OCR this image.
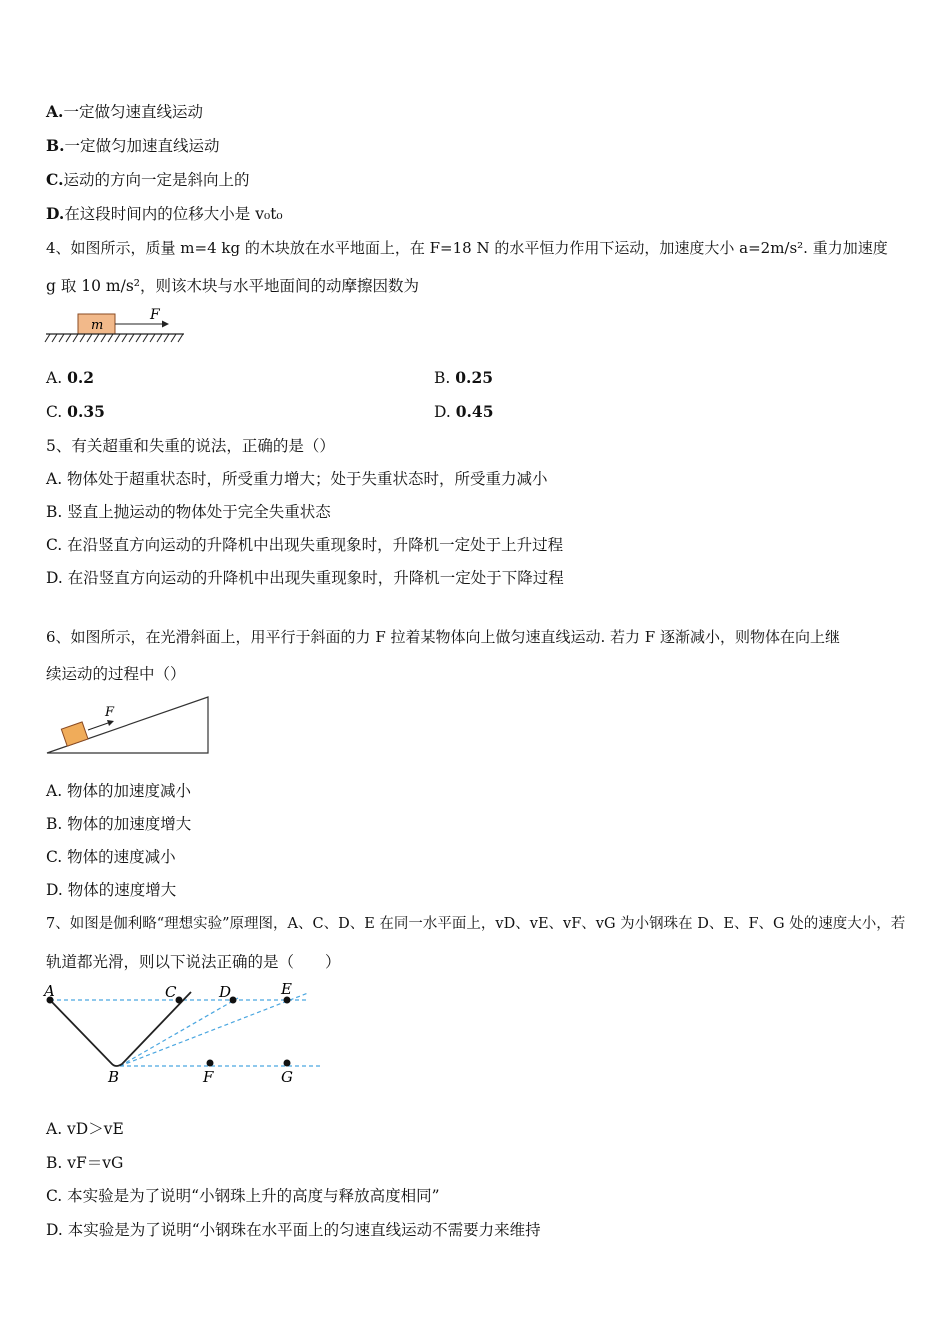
A.一定做匀速直线运动
B.一定做匀加速直线运动
C.运动的方向一定是斜向上的
D.在这段时间内的位移大小是 v₀t₀
4、如图所示，质量 m=4 kg 的木块放在水平地面上，在 F=18 N 的水平恒力作用下运动，加速度大小 a=2m/s². 重力加速度
g 取 10 m/s²，则该木块与水平地面间的动摩擦因数为
m
F
A. 0.2	B. 0.25
C. 0.35	D. 0.45
5、有关超重和失重的说法，正确的是（）
A. 物体处于超重状态时，所受重力增大；处于失重状态时，所受重力减小
B. 竖直上抛运动的物体处于完全失重状态
C. 在沿竖直方向运动的升降机中出现失重现象时，升降机一定处于上升过程
D. 在沿竖直方向运动的升降机中出现失重现象时，升降机一定处于下降过程
6、如图所示，在光滑斜面上，用平行于斜面的力 F 拉着某物体向上做匀速直线运动. 若力 F 逐渐减小，则物体在向上继
续运动的过程中（）
F
A. 物体的加速度减小
B. 物体的加速度增大
C. 物体的速度减小
D. 物体的速度增大
7、如图是伽利略“理想实验”原理图，A、C、D、E 在同一水平面上，vD、vE、vF、vG 为小钢珠在 D、E、F、G 处的速度大小，若
轨道都光滑，则以下说法正确的是（　　）
A	C	D	E
B	F	G
A. vD＞vE
B. vF＝vG
C. 本实验是为了说明“小钢珠上升的高度与释放高度相同”
D. 本实验是为了说明“小钢珠在水平面上的匀速直线运动不需要力来维持
